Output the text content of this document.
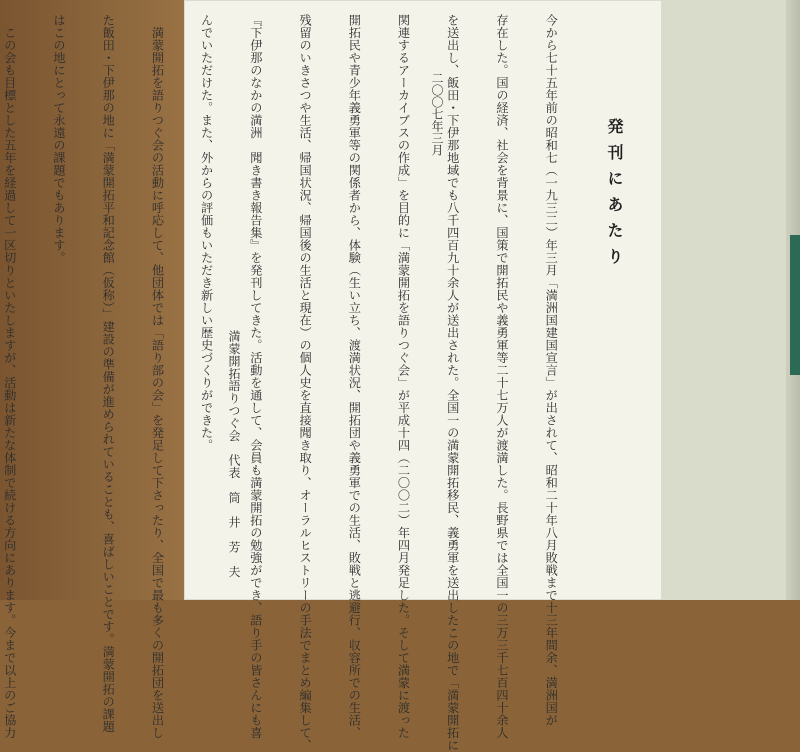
発刊にあたり

今から七十五年前の昭和七（一九三二）年三月「満洲国建国宣言」が出されて、昭和二十年八月敗戦まで十三年間余、満洲国が

存在した。国の経済、社会を背景に、国策で開拓民や義勇軍等二十七万人が渡満した。長野県では全国一の三万三千七百四十余人

を送出し、飯田・下伊那地域でも八千四百九十余人が送出された。全国一の満蒙開拓移民、義勇軍を送出したこの地で「満蒙開拓に

関連するアーカイブスの作成」を目的に「満蒙開拓を語りつぐ会」が平成十四（二〇〇二）年四月発足した。そして満蒙に渡った

開拓民や青少年義勇軍等の関係者から、体験（生い立ち、渡満状況、開拓団や義勇軍での生活、敗戦と逃避行、収容所での生活、

残留のいきさつや生活、帰国状況、帰国後の生活と現在）の個人史を直接聞き取り、オーラルヒストリーの手法でまとめ編集して、

『下伊那のなかの満洲　聞き書き報告集』を発刊してきた。活動を通して、会員も満蒙開拓の勉強ができ、語り手の皆さんにも喜

んでいただけた。また、外からの評価もいただき新しい歴史づくりができた。

　満蒙開拓を語りつぐ会の活動に呼応して、他団体では「語り部の会」を発足して下さったり、全国で最も多くの開拓団を送出し

た飯田・下伊那の地に「満蒙開拓平和記念館（仮称）」建設の準備が進められていることも、喜ばしいことです。満蒙開拓の課題

はこの地にとって永遠の課題でもあります。

　この会も目標とした五年を経過して一区切りといたしますが、活動は新たな体制で続ける方向にあります。今まで以上のご協力

	二〇〇七年三月
満蒙開拓語りつぐ会　代表　筒　井　芳　夫
